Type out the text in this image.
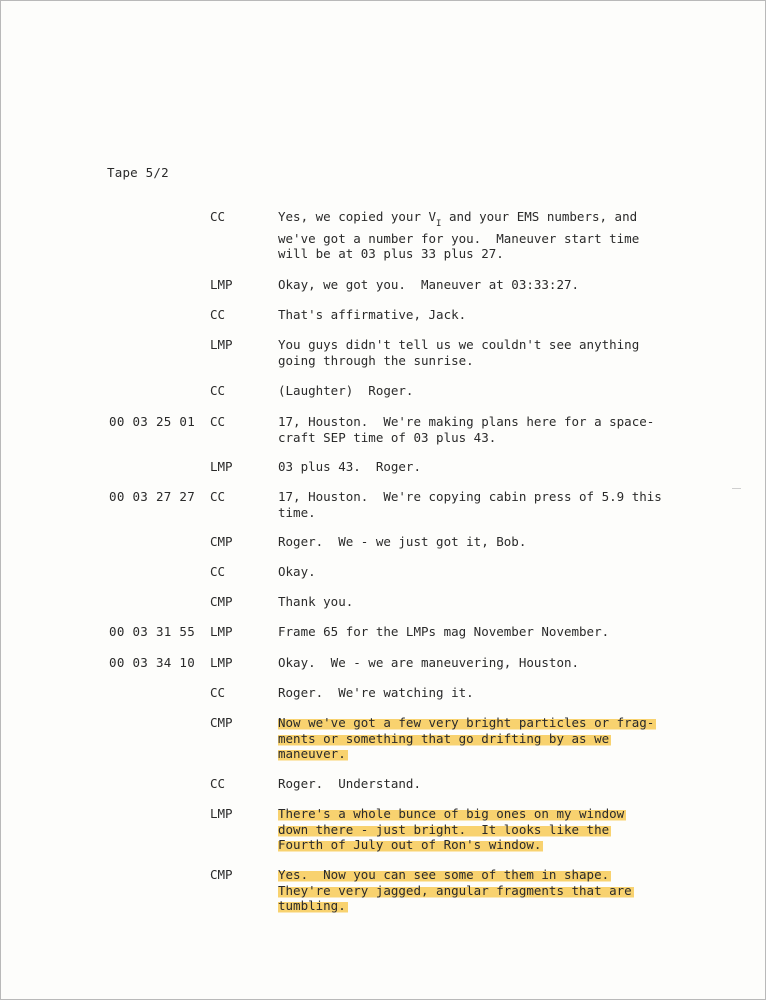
Tape 5/2
CC	Yes, we copied your $V_I$ and your EMS numbers, and
we've got a number for you.  Maneuver start time
will be at 03 plus 33 plus 27.
LMP	Okay, we got you.  Maneuver at 03:33:27.
CC	That's affirmative, Jack.
LMP	You guys didn't tell us we couldn't see anything
going through the sunrise.
CC	(Laughter)  Roger.
00 03 25 01 CC	17, Houston.  We're making plans here for a space-
craft SEP time of 03 plus 43.
LMP	03 plus 43.  Roger.
00 03 27 27 CC	17, Houston.  We're copying cabin press of 5.9 this
time.
CMP	Roger.  We - we just got it, Bob.
CC	Okay.
CMP	Thank you.
00 03 31 55 LMP	Frame 65 for the LMPs mag November November.
00 03 34 10 LMP	Okay.  We - we are maneuvering, Houston.
CC	Roger.  We're watching it.
CMP	Now we've got a few very bright particles or frag-
ments or something that go drifting by as we
maneuver.
CC	Roger.  Understand.
LMP	There's a whole bunce of big ones on my window
down there - just bright.  It looks like the
Fourth of July out of Ron's window.
CMP	Yes.  Now you can see some of them in shape.
They're very jagged, angular fragments that are
tumbling.
